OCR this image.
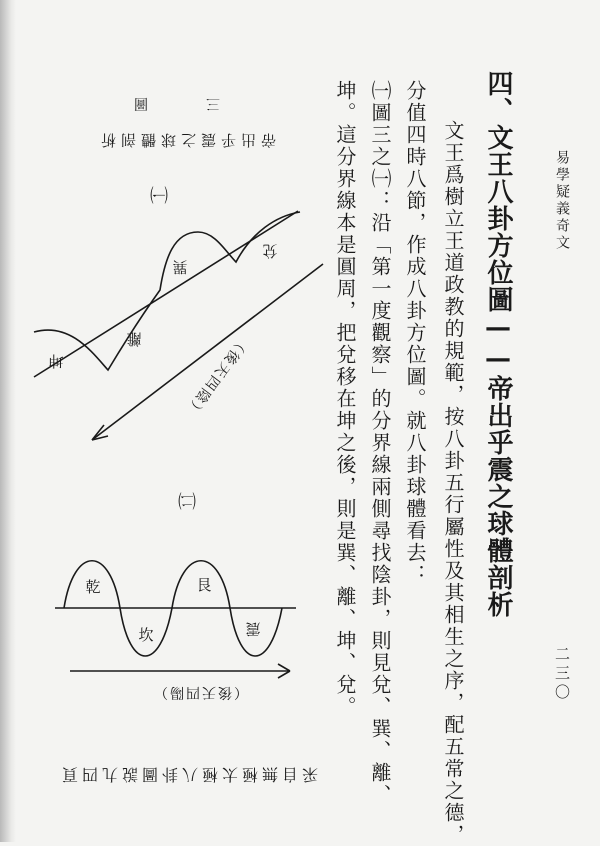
易學疑義奇文
二三〇
四、文王八卦方位圖——帝出乎震之球體剖析
文王爲樹立王道政教的規範，按八卦五行屬性及其相生之序，配五常之德，
分值四時八節，作成八卦方位圖。就八卦球體看去：
㈠圖三之㈠：沿「第一度觀察」的分界線兩側尋找陰卦，則見兌、巽、離、
坤。這分界線本是圓周，把兌移在坤之後，則是巽、離、坤、兌。
三　圖
帝出乎震之球體剖析
㈠
㈡
采自無極太極八卦圖說九四頁
坤
離
巽
兌
（後天四陰）
乾
坎
艮
震
（後天四陽）
